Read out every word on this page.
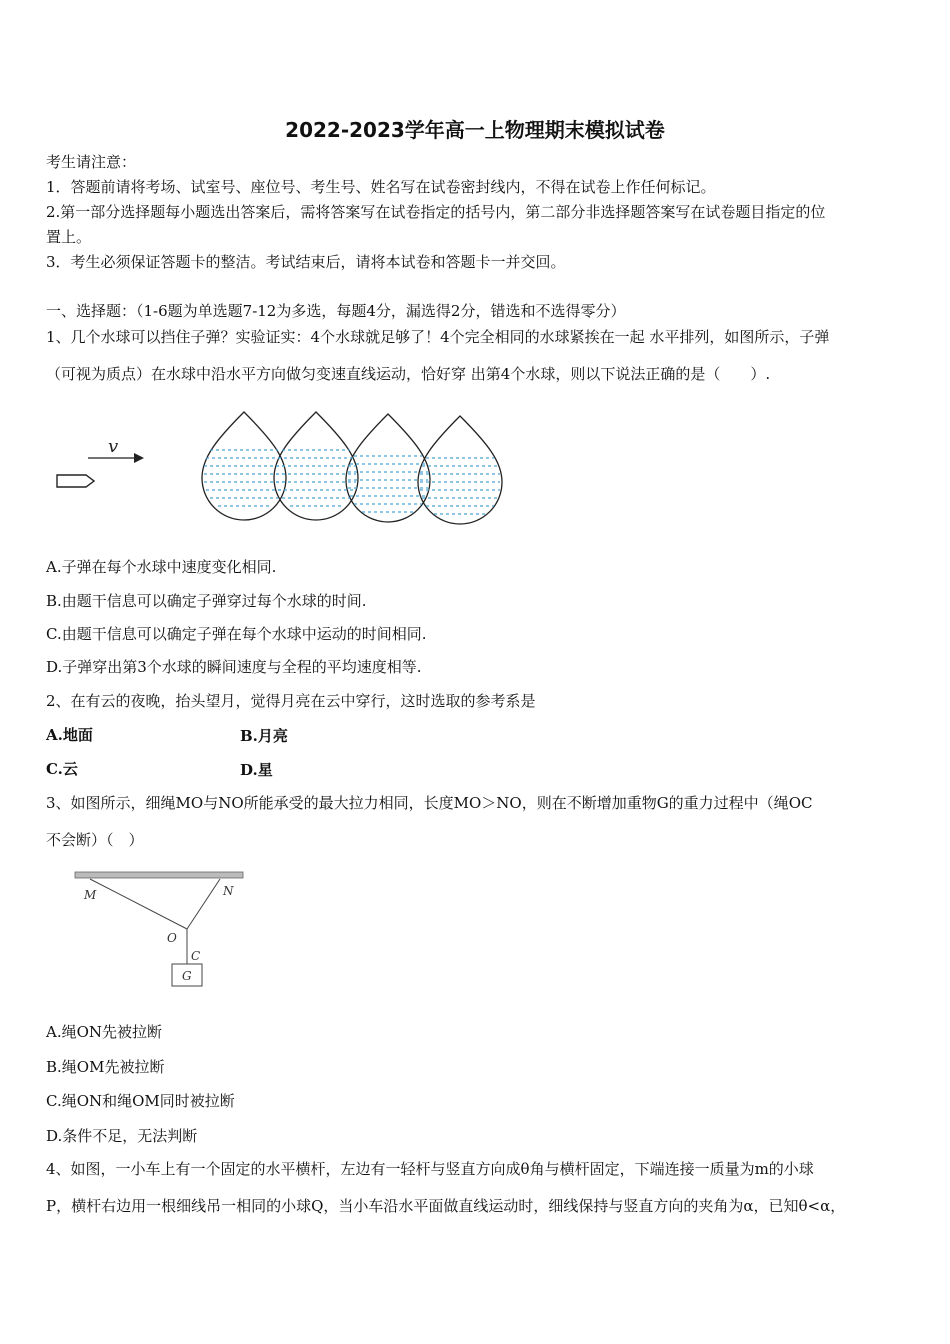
2022-2023学年高一上物理期末模拟试卷
考生请注意：
1．答题前请将考场、试室号、座位号、考生号、姓名写在试卷密封线内，不得在试卷上作任何标记。
2.第一部分选择题每小题选出答案后，需将答案写在试卷指定的括号内，第二部分非选择题答案写在试卷题目指定的位
置上。
3．考生必须保证答题卡的整洁。考试结束后，请将本试卷和答题卡一并交回。
一、选择题：（1-6题为单选题7-12为多选，每题4分，漏选得2分，错选和不选得零分）
1、几个水球可以挡住子弹？实验证实：4个水球就足够了！4个完全相同的水球紧挨在一起 水平排列，如图所示，子弹
（可视为质点）在水球中沿水平方向做匀变速直线运动，恰好穿 出第4个水球，则以下说法正确的是（　　）.
v
A.子弹在每个水球中速度变化相同.
B.由题干信息可以确定子弹穿过每个水球的时间.
C.由题干信息可以确定子弹在每个水球中运动的时间相同.
D.子弹穿出第3个水球的瞬间速度与全程的平均速度相等.
2、在有云的夜晚，抬头望月，觉得月亮在云中穿行，这时选取的参考系是
A.地面	B.月亮
C.云	D.星
3、如图所示，细绳MO与NO所能承受的最大拉力相同，长度MO＞NO，则在不断增加重物G的重力过程中（绳OC
不会断）（　）
M	N
O
C
G
A.绳ON先被拉断
B.绳OM先被拉断
C.绳ON和绳OM同时被拉断
D.条件不足，无法判断
4、如图，一小车上有一个固定的水平横杆，左边有一轻杆与竖直方向成θ角与横杆固定，下端连接一质量为m的小球
P，横杆右边用一根细线吊一相同的小球Q，当小车沿水平面做直线运动时，细线保持与竖直方向的夹角为α，已知θ<α，
